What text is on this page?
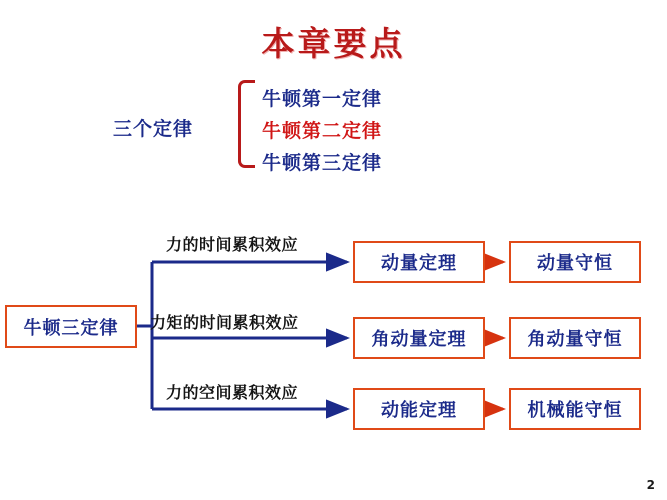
本章要点
三个定律
牛顿第一定律
牛顿第二定律
牛顿第三定律
力的时间累积效应
力矩的时间累积效应
力的空间累积效应
牛顿三定律
动量定理
角动量定理
动能定理
动量守恒
角动量守恒
机械能守恒
2
